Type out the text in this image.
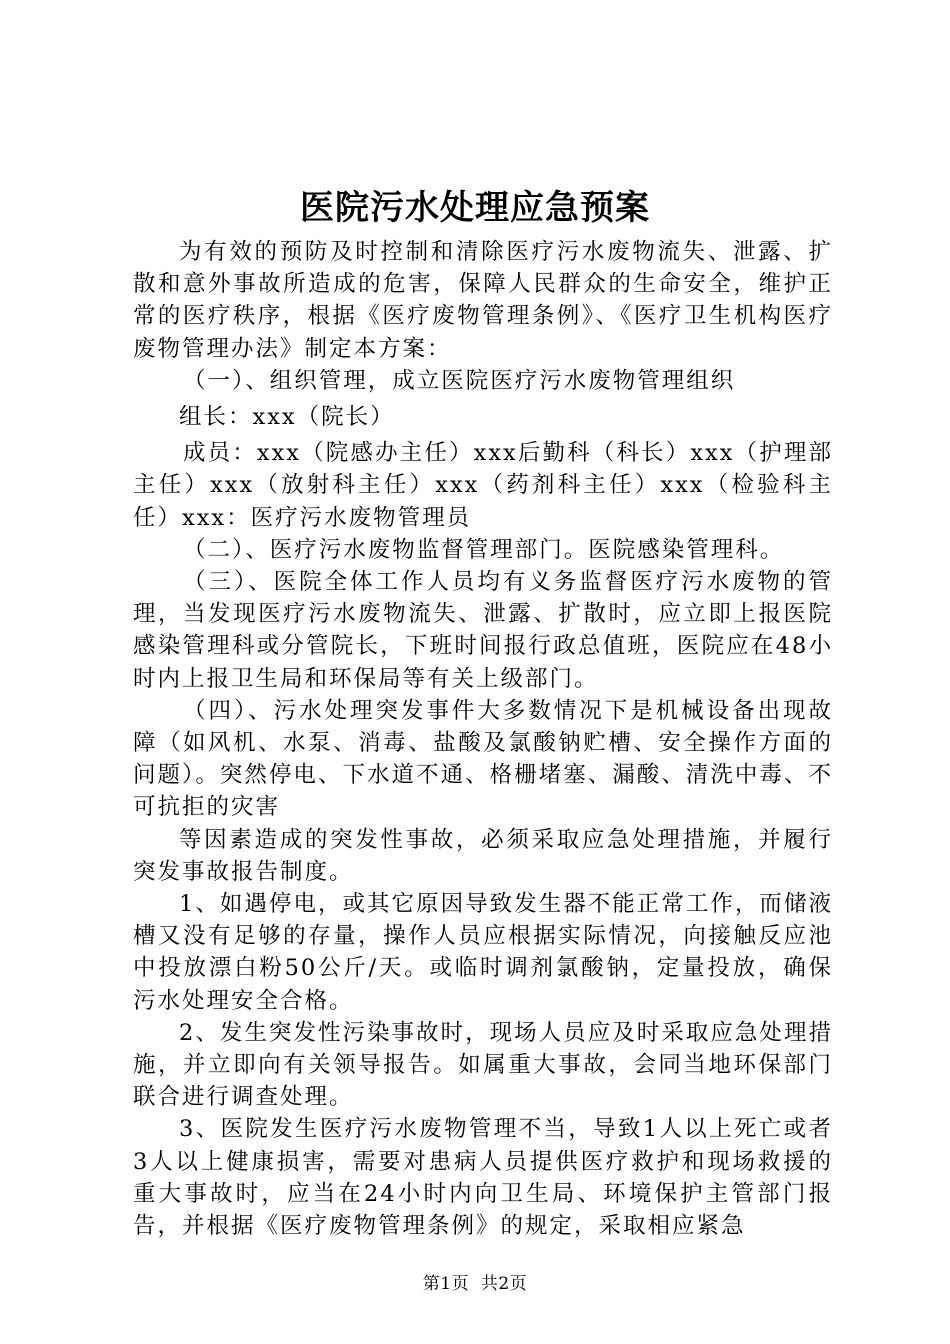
医院污水处理应急预案

为有效的预防及时控制和清除医疗污水废物流失、泄露、扩散和意外事故所造成的危害，保障人民群众的生命安全，维护正常的医疗秩序，根据《医疗废物管理条例》、《医疗卫生机构医疗废物管理办法》制定本方案：

（一）、组织管理，成立医院医疗污水废物管理组织

组长：xxx（院长）

成员：xxx（院感办主任）xxx后勤科（科长）xxx（护理部主任）xxx（放射科主任）xxx（药剂科主任）xxx（检验科主任）xxx：医疗污水废物管理员

（二）、医疗污水废物监督管理部门。医院感染管理科。

（三）、医院全体工作人员均有义务监督医疗污水废物的管理，当发现医疗污水废物流失、泄露、扩散时，应立即上报医院感染管理科或分管院长，下班时间报行政总值班，医院应在48小时内上报卫生局和环保局等有关上级部门。

（四）、污水处理突发事件大多数情况下是机械设备出现故障（如风机、水泵、消毒、盐酸及氯酸钠贮槽、安全操作方面的问题）。突然停电、下水道不通、格栅堵塞、漏酸、清洗中毒、不可抗拒的灾害

等因素造成的突发性事故，必须采取应急处理措施，并履行突发事故报告制度。

1、如遇停电，或其它原因导致发生器不能正常工作，而储液槽又没有足够的存量，操作人员应根据实际情况，向接触反应池中投放漂白粉50公斤/天。或临时调剂氯酸钠，定量投放，确保污水处理安全合格。

2、发生突发性污染事故时，现场人员应及时采取应急处理措施，并立即向有关领导报告。如属重大事故，会同当地环保部门联合进行调查处理。

3、医院发生医疗污水废物管理不当，导致1人以上死亡或者3人以上健康损害，需要对患病人员提供医疗救护和现场救援的重大事故时，应当在24小时内向卫生局、环境保护主管部门报告，并根据《医疗废物管理条例》的规定，采取相应紧急

第1页  共2页
